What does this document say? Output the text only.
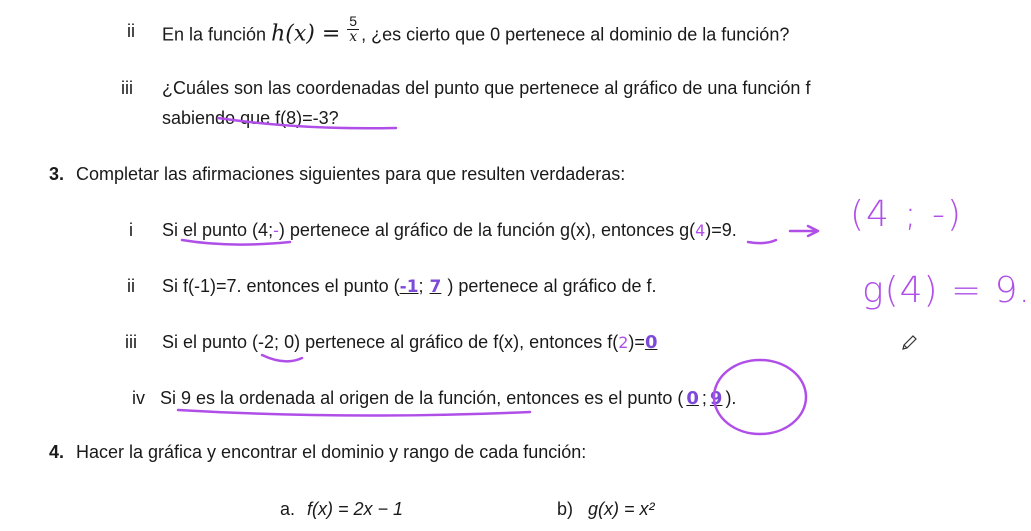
ii En la función $h(x) = \frac{5}{x}$ , ¿es cierto que 0 pertenece al dominio de la función?
iii ¿Cuáles son las coordenadas del punto que pertenece al gráfico de una función f
sabiendo que f(8)=-3?
3. Completar las afirmaciones siguientes para que resulten verdaderas:
i Si el punto (4;-) pertenece al gráfico de la función g(x), entonces g(4)=9.
ii Si f(-1)=7. entonces el punto (-1; 7 ) pertenece al gráfico de f.
iii Si el punto (-2; 0) pertenece al gráfico de f(x), entonces f(2)=0
iv Si 9 es la ordenada al origen de la función, entonces es el punto ( 0 ; 9 ).
4. Hacer la gráfica y encontrar el dominio y rango de cada función:
a. f(x) = 2x − 1	b) g(x) = x²
(4 ; -)
g(4) = 9.
